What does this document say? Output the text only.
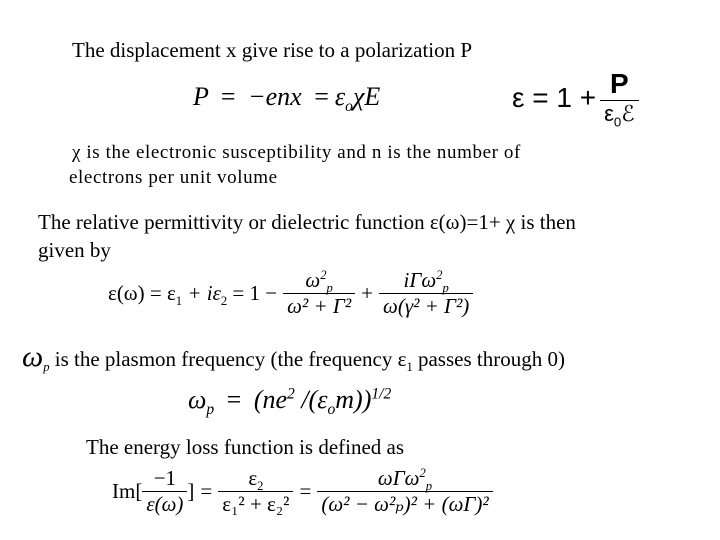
The displacement x give rise to a polarization P
$P = -enx = \varepsilon_o\chi E$	$\varepsilon = 1 + \frac{P}{\varepsilon_0ℰ}$
χ is the electronic susceptibility and n is the number of
electrons per unit volume
The relative permittivity or dielectric function ε(ω)=1+ χ is then
given by
$\varepsilon(\omega) = \varepsilon_1 + i\varepsilon_2 = 1 - \frac{\omega^2_p}{\text{ω² + Γ²}} + \frac{i\Gamma\omega^2_p}{\text{ω(γ² + Γ²)}}$
$\omega_p$ is the plasmon frequency (the frequency $\varepsilon_1$ passes through 0)
$\omega_p = (ne^2$ $/(\varepsilon_om))^{1/2}$
The energy loss function is defined as
$Im[ \frac{-1}{\varepsilon(\omega)}$ ] = $\frac{\varepsilon_2}{\text{ε₁² + ε₂²}} = \frac{\omega\Gamma\omega^2_p}{\text{(ω² − ω²ₚ)² + (ωΓ)²}}$
